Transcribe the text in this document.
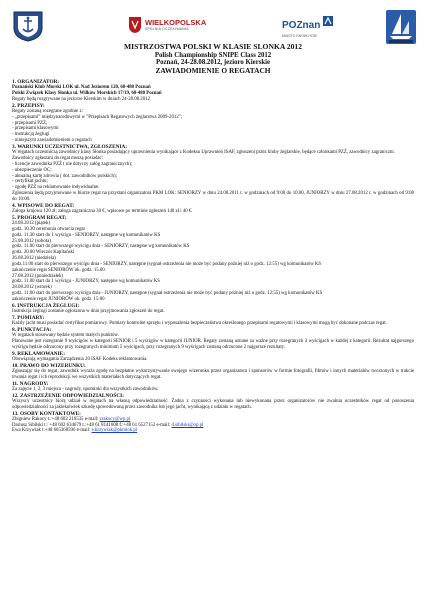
WIELKOPOLSKA
SPEŁNIA OCZEKIWANIA	POZnan
MIASTO KNOW-HOW
MISTRZOSTWA POLSKI W KLASIE SLONKA 2012
Polish Championship SNIPE Class 2012
Poznań, 24-28.08.2012, jezioro Kierskie
ZAWIADOMIENIE O REGATACH

1. ORGANIZATOR:

Poznański Klub Morski LOK ul. Nad Jeziorem 120, 60-480 Poznań

Polski Związek Klasy Słonka ul. Wilków Morskich 17/19, 60-480 Poznań

Regaty będą rozgrywane na jeziorze Kierskim w dniach 24-28.08.2012

2. PRZEPISY:

Regaty zostaną rozegrane zgodnie z:

- „przepisami” międzynarodowymi w "Przepisach Regatowych żeglarstwa 2009-2012";

- przepisami PZŻ;

- przepisami klasowymi

- instrukcją żeglugi

- niniejszym zawiadomieniem o regatach

3. WARUNKI UCZESTNICTWA, ZGŁOSZENIA:

W regatach uczestniczą zawodnicy klasy Słonka posiadający uprawnienia wynikające z Kodeksu Uprawnień ISAF, zgłoszeni przez kluby żeglarskie, będące członkami PZŻ, zawodnicy zagraniczni.

Zawodnicy zgłaszani do regat muszą posiadać:

- licencje zawodnika PZŻ ( nie dotyczy załóg zagranicznych);

- ubezpieczenie OC;

- aktualną kartę zdrowia ( dot. zawodników polskich);

- certyfikat jachtu;

- zgodę PZŻ na reklamowanie indywidualne.

Zgłoszenia będą przyjmowane w biurze regat na przystani organizatora PKM LOK: SENIORZY w dniu 24.08.2011 r. w godzinach od 9:00 do 10.00, JUNIORZY w dniu 27.08.2012 r. w godzinach od 9:00 do 10:00.

4. WPISOWE DO REGAT:

Załoga krajowa 120 zł; załoga zagraniczna 30 €, wpisowe po terminie zgłoszeń 140 zł i 40 €.

5. PROGRAM REGAT:

24.08.2012 (piątek)

godz. 10.30 ceremonia otwarcia regat

godz. 11.30 start do 1 wyścigu - SENIORZY, następne wg komunikatów KS

25.08.2012 (sobota)

godz. 11.00 start do pierwszego wyścigu dnia - SENIORZY, następne wg komunikatów KS

godz. 20.00 Wieczór Kapitański

26.08.2012 (niedziela)

godz.11.00 start do pierwszego wyścigu dnia - SENIORZY, następne (sygnał ostrzeżenia nie może być podany później niż o godz. 12:55) wg komunikatów KS

zakończenie regat SENIORÓW ok. godz. 15.00

27.08.2012 (poniedziałek)

godz. 11.00 start do 1 wyścigu - JUNIORZY, następne wg komunikatów KS

28.08.2012 (wtorek)

godz. 11:00 start do pierwszego wyścigu dnia - JUNIORZY, następne (sygnał ostrzeżenia nie może być podany później niż o godz. 12:55) wg komunikatów KS

zakończenie regat JUNIORÓW ok. godz. 15:00

6. INSTRUKCJA ŻEGLUGI:

Instrukcja żeglugi zostanie ogłoszona w dniu przyjmowania zgłoszeń do regat.

7. POMIARY:

Każdy jacht musi posiadać certyfikat pomiarowy. Pomiary kontrolne sprzętu i wyposażenia bezpieczeństwa określonego przepisami regatowymi i klasowymi mogą być dokonane podczas regat.

8. PUNKTACJA:

W regatach stosowany będzie system małych punktów.

Planowane jest rozegranie 9 wyścigów w kategorii SENIOR i 5 wyścigów w kategorii JUNIOR. Regaty zostaną uznane za ważne przy rozegranych 3 wyścigach w każdej z kategorii. Rezultat najgorszego wyścigu będzie odrzucony przy rozegranych minimum 5 wyścigach, przy rozegranych 9 wyścigach zostaną odrzucone 2 najgorsze rezultaty.

9. REKLAMOWANIE:

Obowiązują wymagania Zarządzenia 20 ISAF Kodeks reklamowania.

10. PRAWO DO WIZERUNKU:

Zgłaszając się do regat, zawodnik wyraża zgodę na bezpłatne wykorzystywanie swojego wizerunku przez organizatora i sponsorów w formie fotografii, filmów i innych materiałów tworzonych w trakcie trwania regat i ich reprodukcji we wszystkich materiałach dotyczących regat.

11. NAGRODY:

Za zajęcie 1, 2, 3 miejsca - nagrody, upominki dla wszystkich zawodników.

12. ZASTRZEŻENIE ODPOWIEDZIALNOŚCI:

Wszyscy uczestnicy biorą udział w regatach na własną odpowiedzialność. Żadna z czynności wykonana lub niewykonana przez organizatorów nie zwalnia uczestników regat od ponoszenia odpowiedzialności za jakiekolwiek szkodę spowodowaną przez zawodnika lub jego jacht, wynikającą z udziału w regatach.

13. OSOBY KONTAKTOWE:

Zbigniew Rakocy t.:+48 602 216535 e-mail: zrakocy@wp.pl

Dariusz Sibilski t.: +48 602 634679 t.:+48 61 8141608 f.:+48 61 6527152 e-mail: d.sibilski@op.pl

Ewa Krzywiak t:+48 605368596 e-mail: e.krzywiak@pkmlok.pl
